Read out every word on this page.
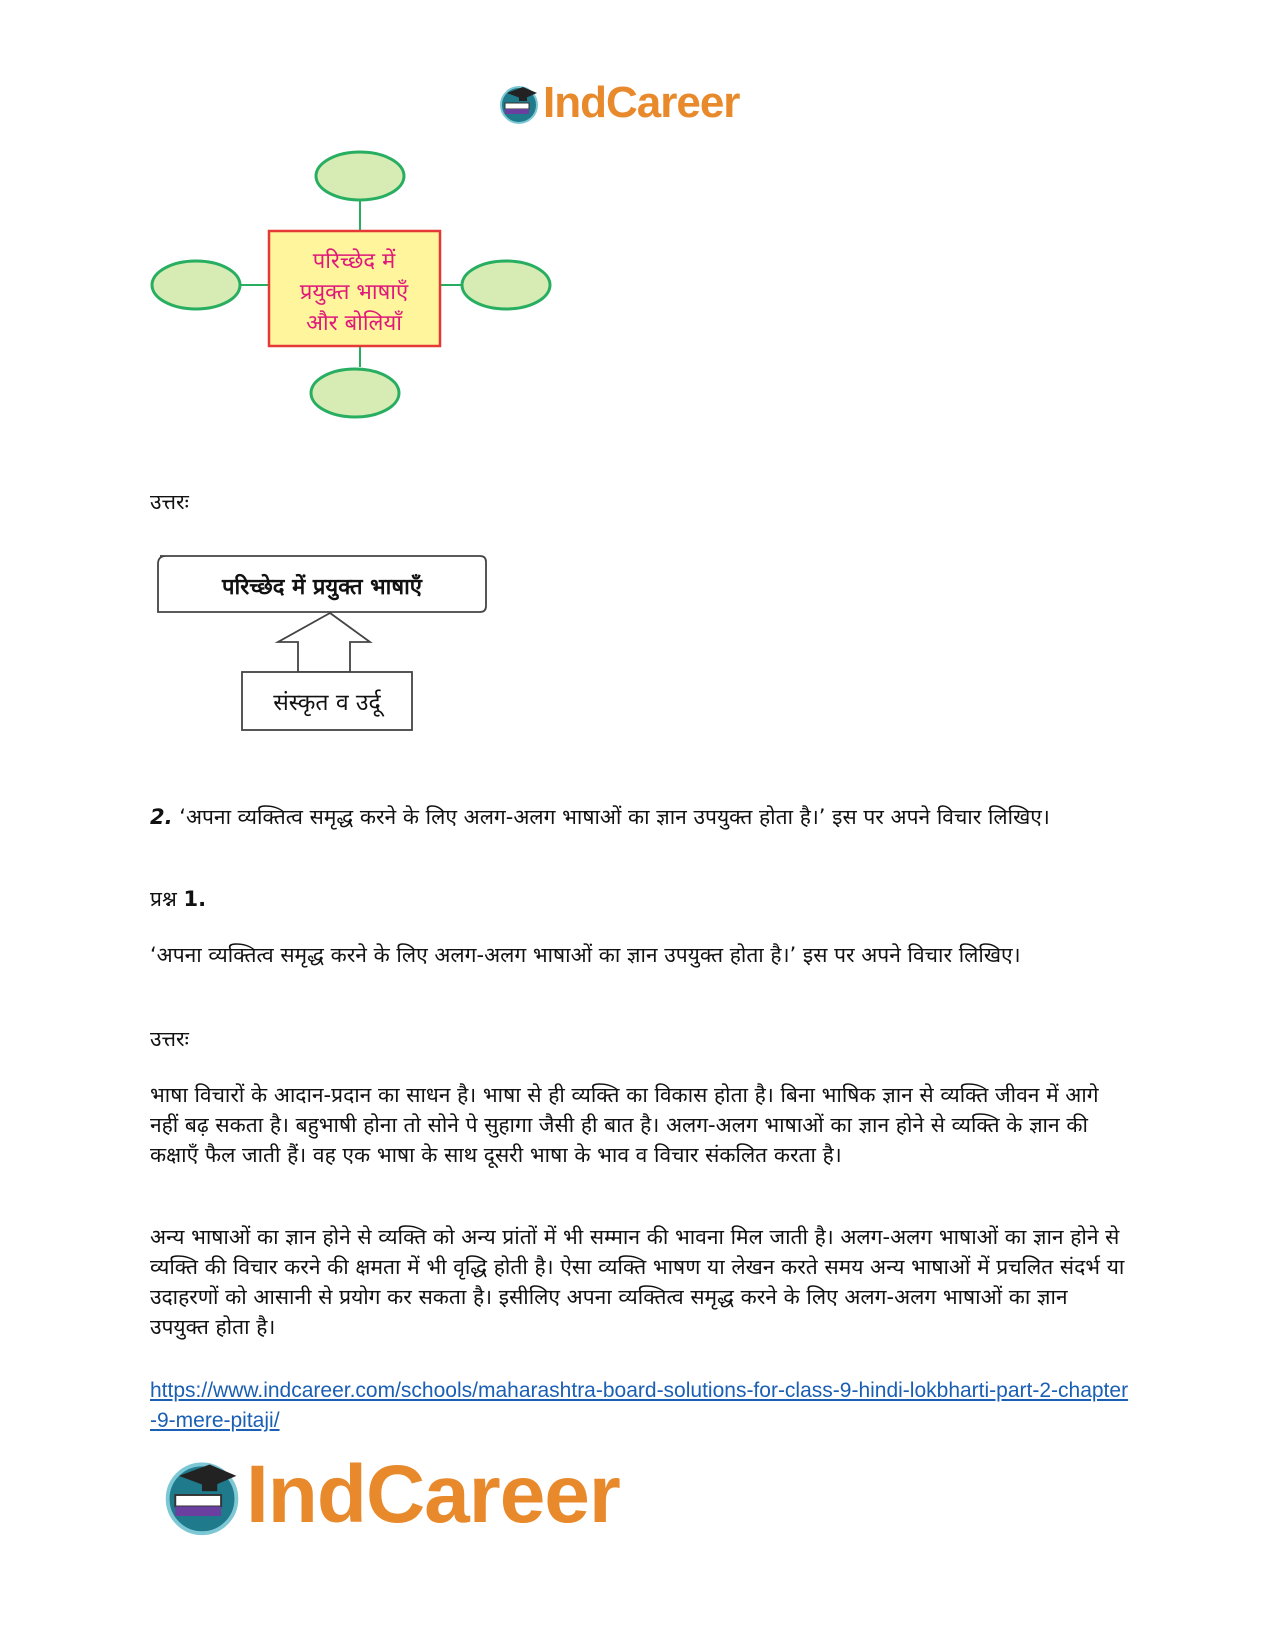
IndCareer
परिच्छेद में
प्रयुक्त भाषाएँ
और बोलियाँ
उत्तरः
परिच्छेद में प्रयुक्त भाषाएँ
संस्कृत व उर्दू
2. ‘अपना व्यक्तित्व समृद्ध करने के लिए अलग-अलग भाषाओं का ज्ञान उपयुक्त होता है।’ इस पर अपने विचार लिखिए।
प्रश्न 1.
‘अपना व्यक्तित्व समृद्ध करने के लिए अलग-अलग भाषाओं का ज्ञान उपयुक्त होता है।’ इस पर अपने विचार लिखिए।
उत्तरः
भाषा विचारों के आदान-प्रदान का साधन है। भाषा से ही व्यक्ति का विकास होता है। बिना भाषिक ज्ञान से व्यक्ति जीवन में आगे नहीं बढ़ सकता है। बहुभाषी होना तो सोने पे सुहागा जैसी ही बात है। अलग-अलग भाषाओं का ज्ञान होने से व्यक्ति के ज्ञान की कक्षाएँ फैल जाती हैं। वह एक भाषा के साथ दूसरी भाषा के भाव व विचार संकलित करता है।
अन्य भाषाओं का ज्ञान होने से व्यक्ति को अन्य प्रांतों में भी सम्मान की भावना मिल जाती है। अलग-अलग भाषाओं का ज्ञान होने से व्यक्ति की विचार करने की क्षमता में भी वृद्धि होती है। ऐसा व्यक्ति भाषण या लेखन करते समय अन्य भाषाओं में प्रचलित संदर्भ या उदाहरणों को आसानी से प्रयोग कर सकता है। इसीलिए अपना व्यक्तित्व समृद्ध करने के लिए अलग-अलग भाषाओं का ज्ञान उपयुक्त होता है।
https://www.indcareer.com/schools/maharashtra-board-solutions-for-class-9-hindi-lokbharti-part-2-chapter-9-mere-pitaji/
IndCareer
